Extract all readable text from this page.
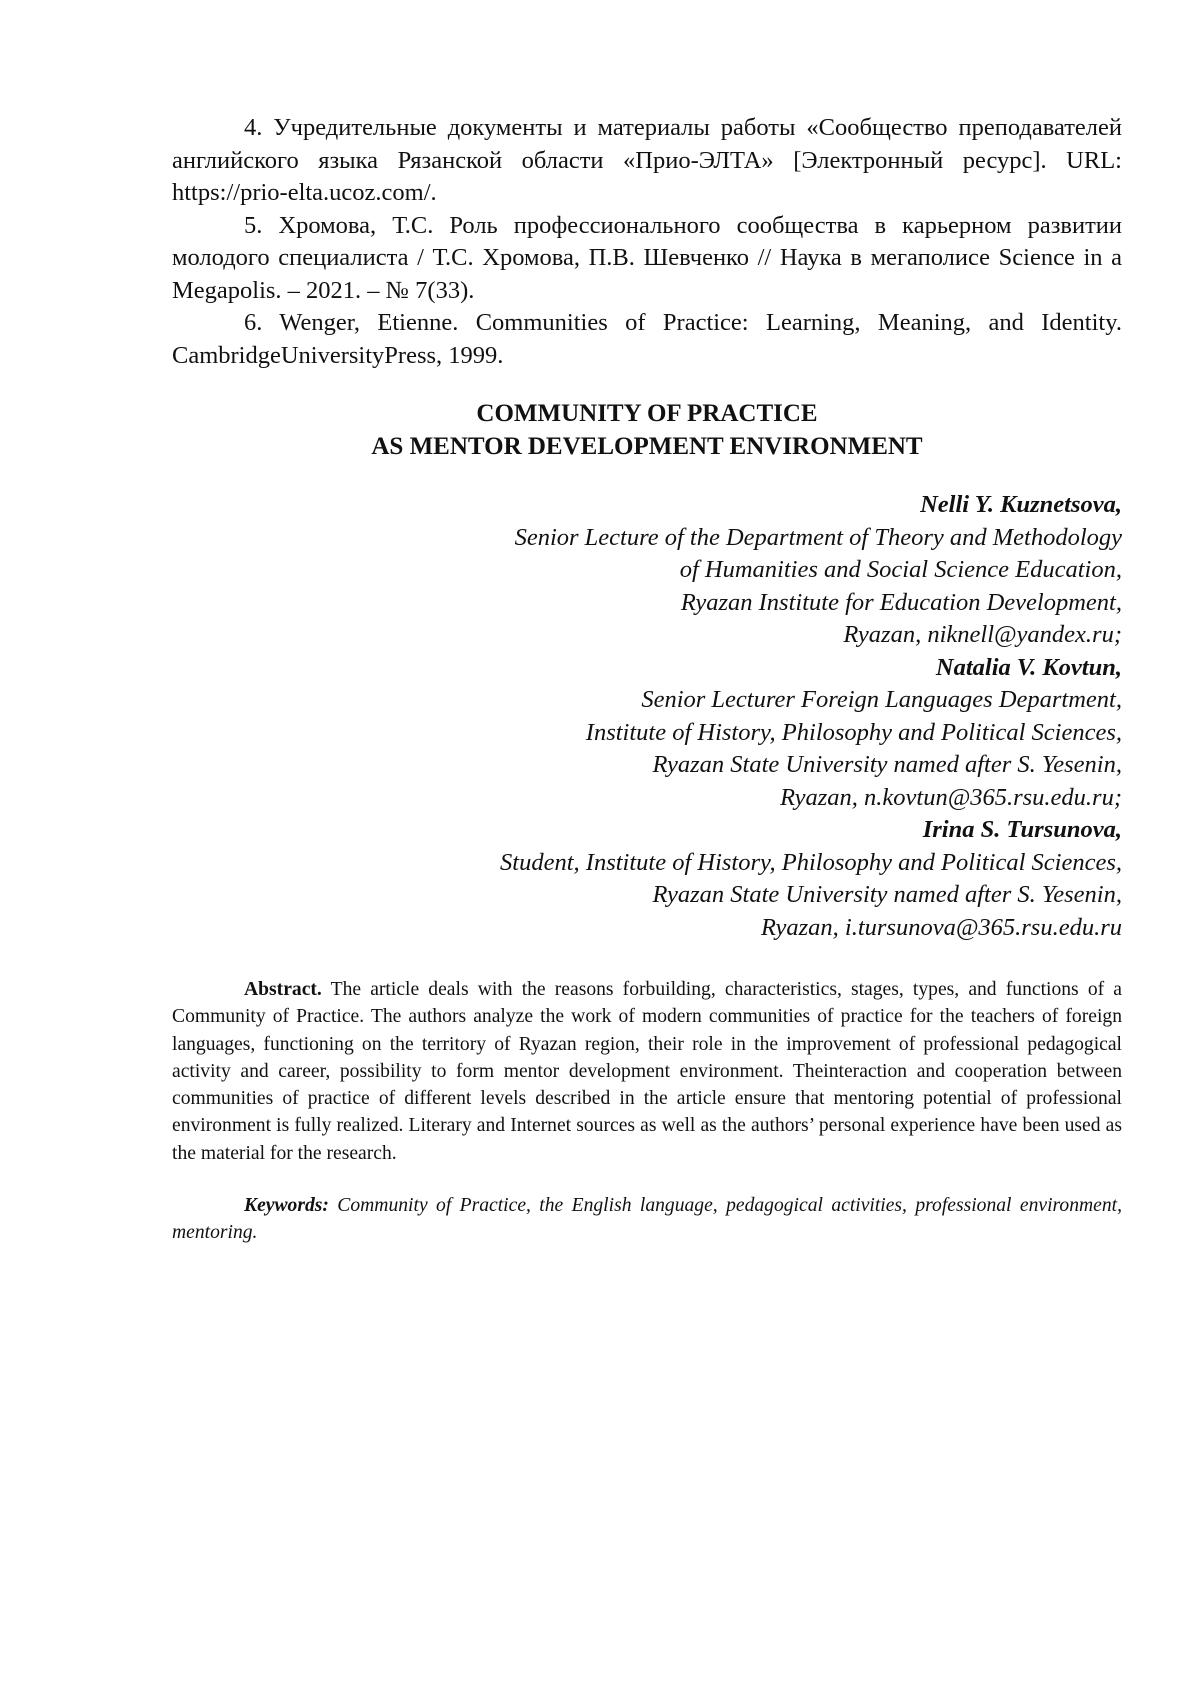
4. Учредительные документы и материалы работы «Сообщество преподавателей английского языка Рязанской области «Прио-ЭЛТА» [Электронный ресурс]. URL: https://prio-elta.ucoz.com/.

5. Хромова, Т.С. Роль профессионального сообщества в карьерном развитии молодого специалиста / Т.С. Хромова, П.В. Шевченко // Наука в мегаполисе Science in a Megapolis. – 2021. – № 7(33).

6. Wenger, Etienne. Communities of Practice: Learning, Meaning, and Identity. CambridgeUniversityPress, 1999.

COMMUNITY OF PRACTICE
AS MENTOR DEVELOPMENT ENVIRONMENT

Nelli Y. Kuznetsova,

Senior Lecture of the Department of Theory and Methodology

of Humanities and Social Science Education,

Ryazan Institute for Education Development,

Ryazan, niknell@yandex.ru;

Natalia V. Kovtun,

Senior Lecturer Foreign Languages Department,

Institute of History, Philosophy and Political Sciences,

Ryazan State University named after S. Yesenin,

Ryazan, n.kovtun@365.rsu.edu.ru;

Irina S. Tursunova,

Student, Institute of History, Philosophy and Political Sciences,

Ryazan State University named after S. Yesenin,

Ryazan, i.tursunova@365.rsu.edu.ru

Abstract. The article deals with the reasons forbuilding, characteristics, stages, types, and functions of a Community of Practice. The authors analyze the work of modern communities of practice for the teachers of foreign languages, functioning on the territory of Ryazan region, their role in the improvement of professional pedagogical activity and career, possibility to form mentor development environment. Theinteraction and cooperation between communities of practice of different levels described in the article ensure that mentoring potential of professional environment is fully realized. Literary and Internet sources as well as the authors’ personal experience have been used as the material for the research.

Keywords: Community of Practice, the English language, pedagogical activities, professional environment, mentoring.
